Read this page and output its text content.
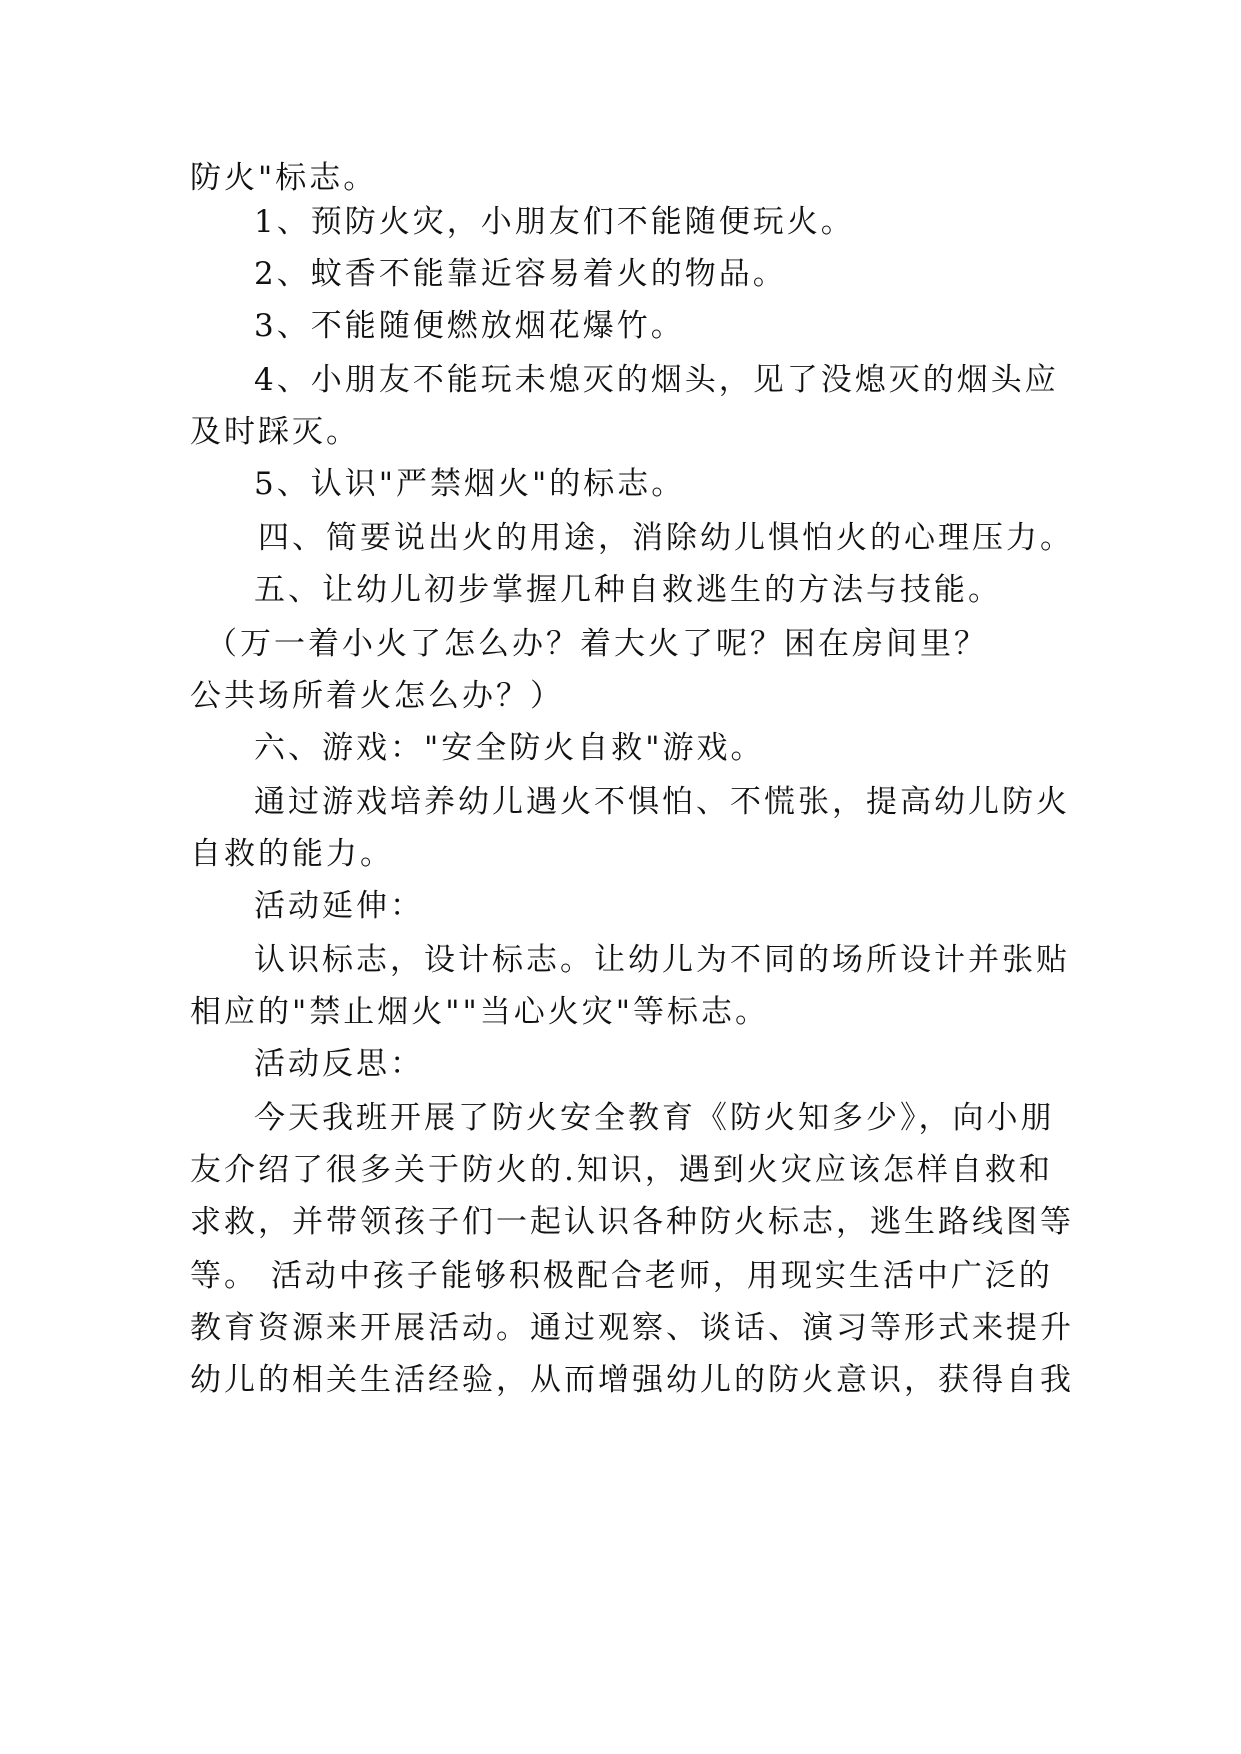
防火"标志。
1、预防火灾，小朋友们不能随便玩火。
2、蚊香不能靠近容易着火的物品。
3、不能随便燃放烟花爆竹。
4、小朋友不能玩未熄灭的烟头，见了没熄灭的烟头应
及时踩灭。
5、认识"严禁烟火"的标志。
四、简要说出火的用途，消除幼儿惧怕火的心理压力。
五、让幼儿初步掌握几种自救逃生的方法与技能。
（万一着小火了怎么办？着大火了呢？困在房间里？
公共场所着火怎么办？）
六、游戏："安全防火自救"游戏。
通过游戏培养幼儿遇火不惧怕、不慌张，提高幼儿防火
自救的能力。
活动延伸：
认识标志，设计标志。让幼儿为不同的场所设计并张贴
相应的"禁止烟火""当心火灾"等标志。
活动反思：
今天我班开展了防火安全教育《防火知多少》，向小朋
友介绍了很多关于防火的.知识，遇到火灾应该怎样自救和
求救，并带领孩子们一起认识各种防火标志，逃生路线图等
等。 活动中孩子能够积极配合老师，用现实生活中广泛的
教育资源来开展活动。通过观察、谈话、演习等形式来提升
幼儿的相关生活经验，从而增强幼儿的防火意识，获得自我
